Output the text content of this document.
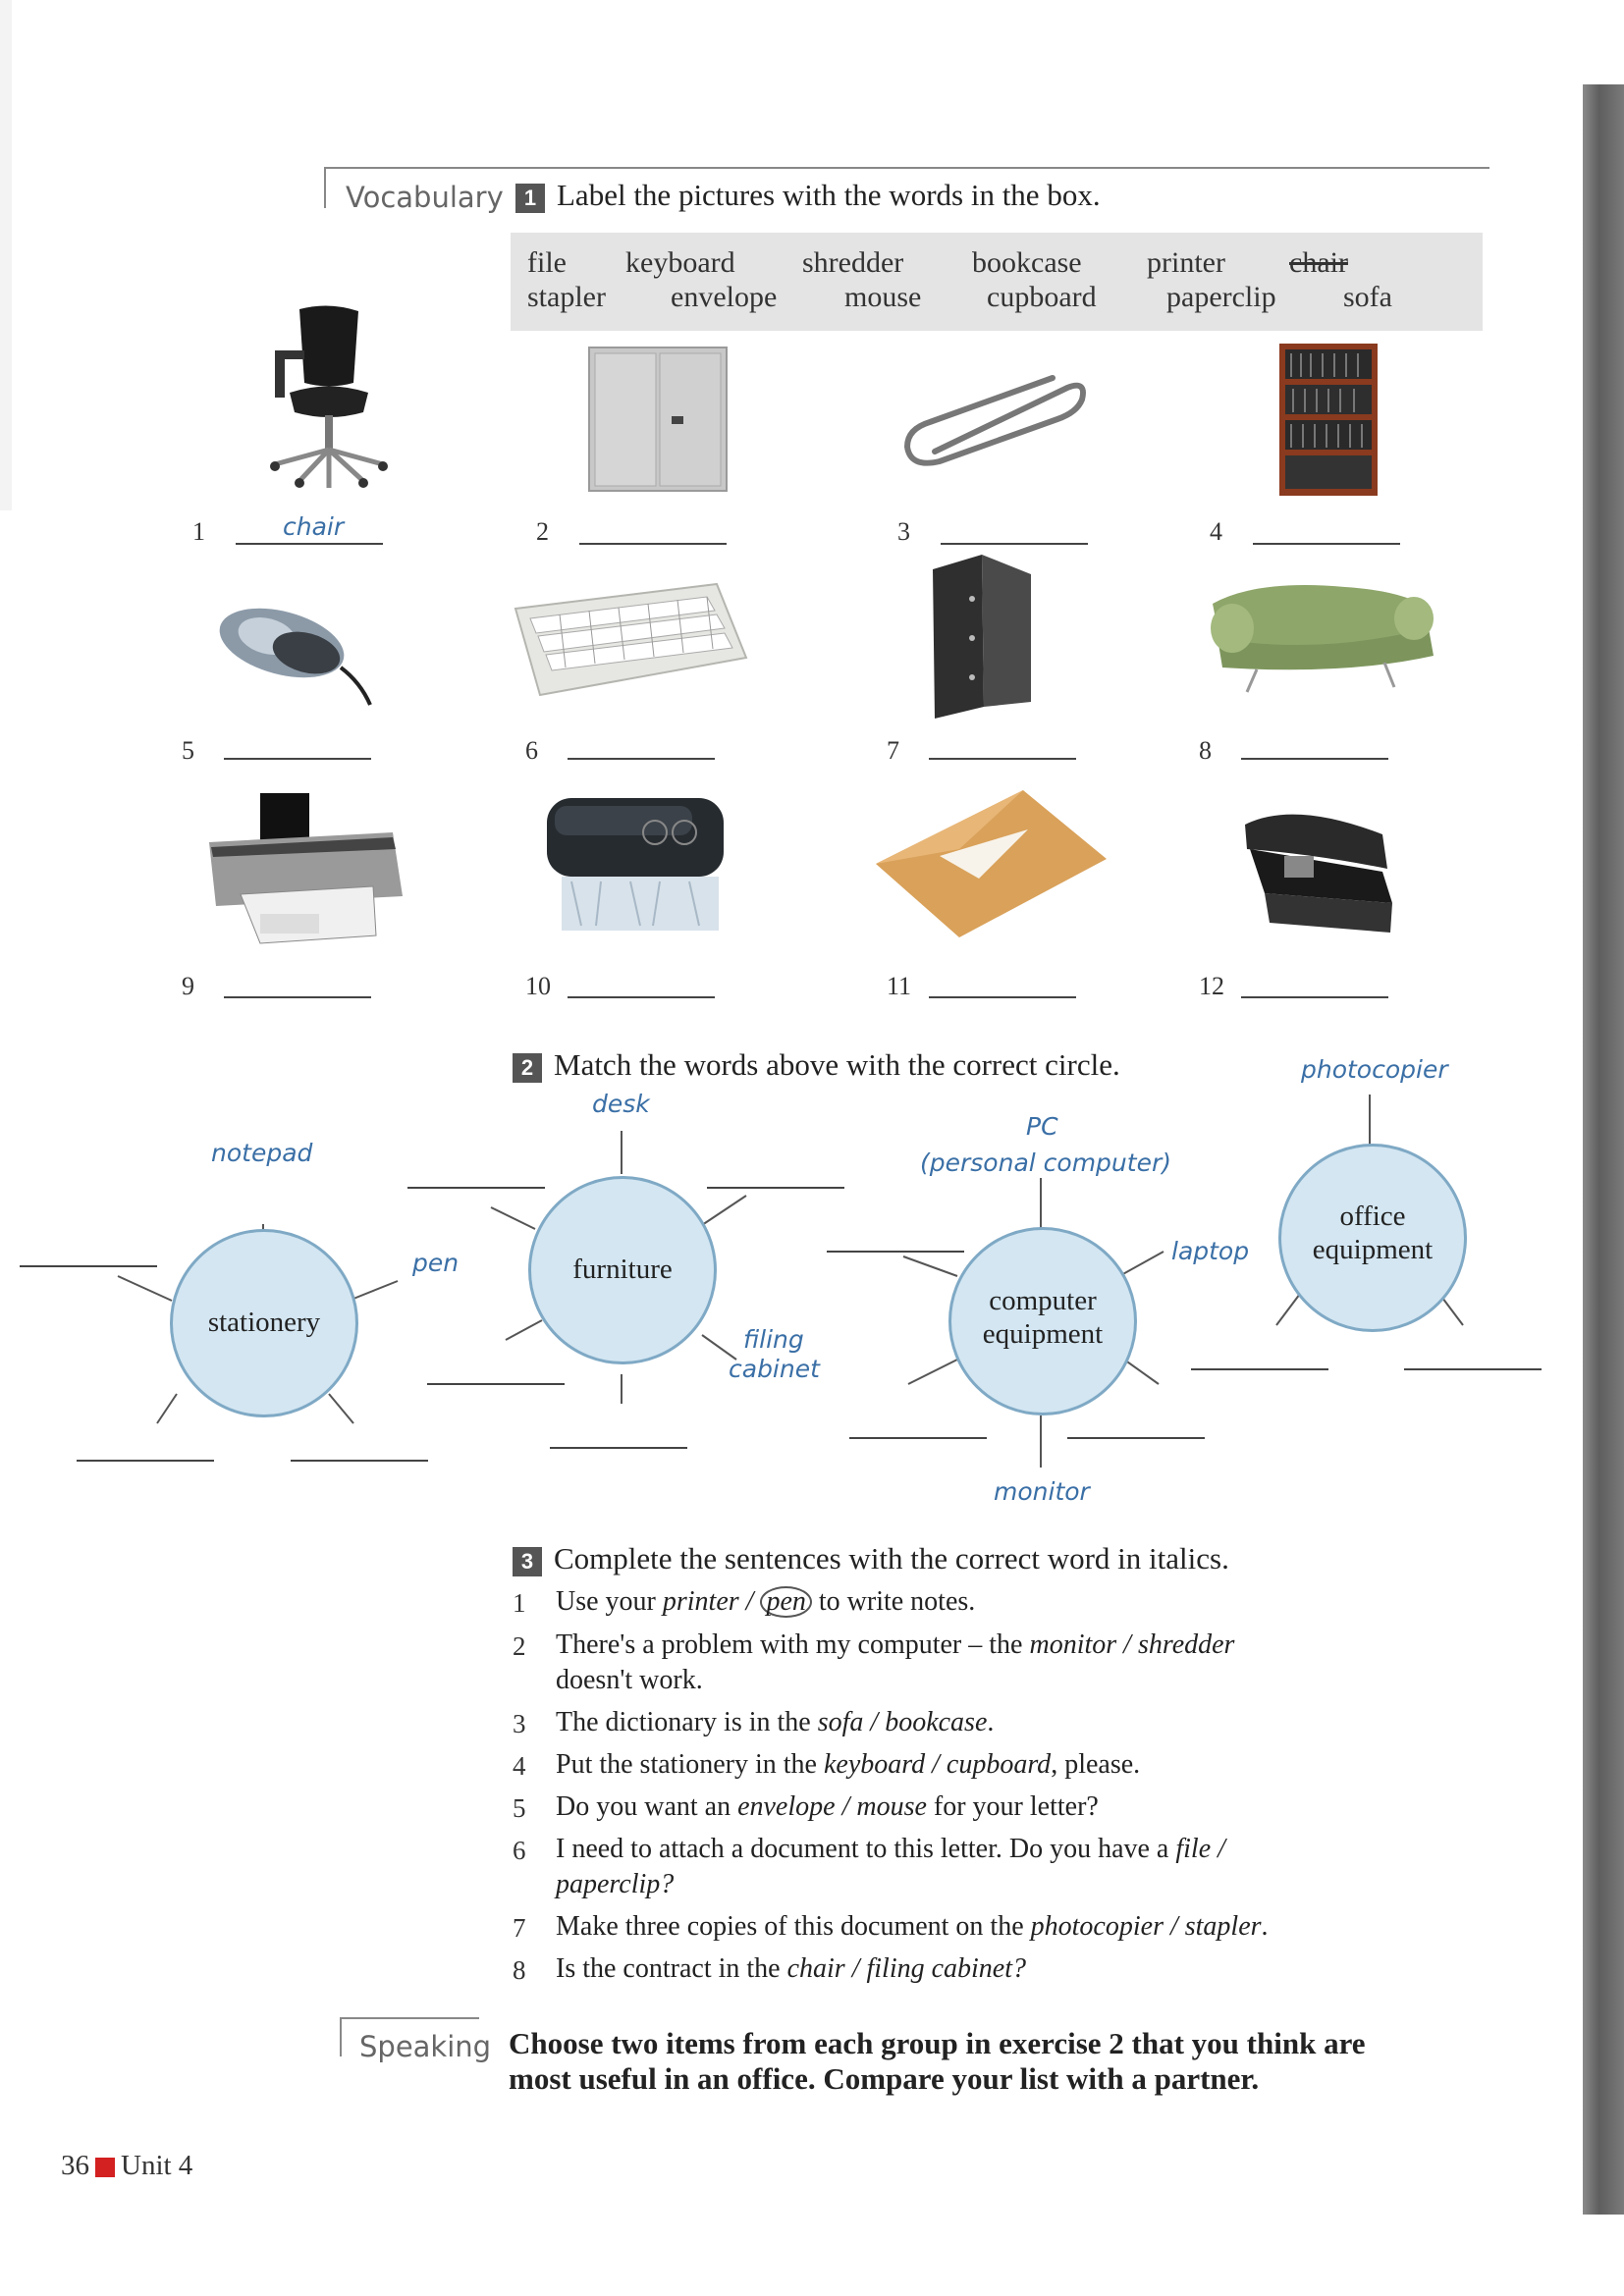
Vocabulary 1 Label the pictures with the words in the box.
file keyboard shredder bookcase printer chair
stapler envelope mouse cupboard paperclip sofa
1	chair	2	3	4
5	6	7	8
9	10	11	12
2 Match the words above with the correct circle.
stationery
furniture
computer
equipment
office
equipment
notepad
pen
desk
filing
cabinet
PC
(personal computer)
laptop
monitor
photocopier
3 Complete the sentences with the correct word in italics.
1 Use your printer / pen to write notes.
2 There's a problem with my computer – the monitor / shredder
doesn't work.
3 The dictionary is in the sofa / bookcase.
4 Put the stationery in the keyboard / cupboard, please.
5 Do you want an envelope / mouse for your letter?
6 I need to attach a document to this letter. Do you have a file /
paperclip?
7 Make three copies of this document on the photocopier / stapler.
8 Is the contract in the chair / filing cabinet?
Speaking Choose two items from each group in exercise 2 that you think are
most useful in an office. Compare your list with a partner.
36 Unit 4
